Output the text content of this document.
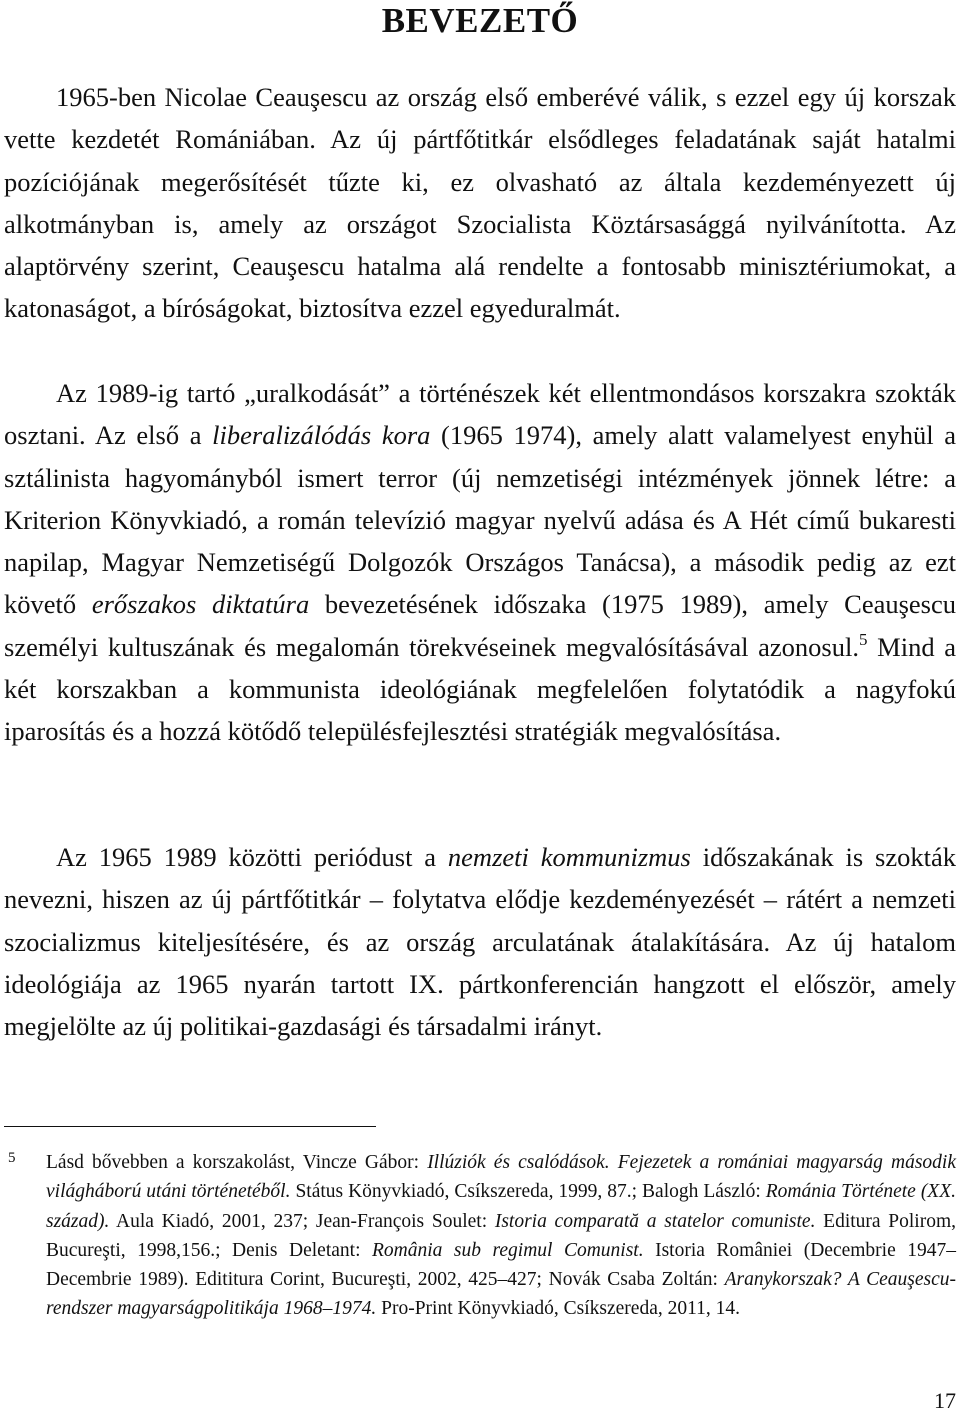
BEVEZETŐ

1965-ben Nicolae Ceauşescu az ország első emberévé válik, s ezzel egy új korszak vette kezdetét Romániában. Az új pártfőtitkár elsődleges feladatának saját hatalmi pozíciójának megerősítését tűzte ki, ez olvasható az általa kezdeményezett új alkotmányban is, amely az országot Szocialista Köztársasággá nyilvánította. Az alaptörvény szerint, Ceauşescu hatalma alá rendelte a fontosabb minisztériumokat, a katonaságot, a bíróságokat, biztosítva ezzel egyeduralmát.

Az 1989-ig tartó „uralkodását” a történészek két ellentmondásos korszakra szokták osztani. Az első a liberalizálódás kora (1965 1974), amely alatt valamelyest enyhül a sztálinista hagyományból ismert terror (új nemzetiségi intézmények jönnek létre: a Kriterion Könyvkiadó, a román televízió magyar nyelvű adása és A Hét című bukaresti napilap, Magyar Nemzetiségű Dolgozók Országos Tanácsa), a második pedig az ezt követő erőszakos diktatúra bevezetésének időszaka (1975 1989), amely Ceauşescu személyi kultuszának és megalomán törekvéseinek megvalósításával azonosul.$^5$ Mind a két korszakban a kommunista ideológiának megfelelően folytatódik a nagyfokú iparosítás és a hozzá kötődő településfejlesztési stratégiák megvalósítása.

Az 1965 1989 közötti periódust a nemzeti kommunizmus időszakának is szokták nevezni, hiszen az új pártfőtitkár – folytatva elődje kezdeményezését – rátért a nemzeti szocializmus kiteljesítésére, és az ország arculatának átalakítására. Az új hatalom ideológiája az 1965 nyarán tartott IX. pártkonferencián hangzott el először, amely megjelölte az új politikai-gazdasági és társadalmi irányt.

5 Lásd bővebben a korszakolást, Vincze Gábor: Illúziók és csalódások. Fejezetek a romániai magyarság második világháború utáni történetéből. Státus Könyvkiadó, Csíkszereda, 1999, 87.; Balogh László: Románia Története (XX. század). Aula Kiadó, 2001, 237; Jean-François Soulet: Istoria comparată a statelor comuniste. Editura Polirom, Bucureşti, 1998,156.; Denis Deletant: România sub regimul Comunist. Istoria României (Decembrie 1947–Decembrie 1989). Edititura Corint, Bucureşti, 2002, 425–427; Novák Csaba Zoltán: Aranykorszak? A Ceauşescu-rendszer magyarságpolitikája 1968–1974. Pro-Print Könyvkiadó, Csíkszereda, 2011, 14.
17
